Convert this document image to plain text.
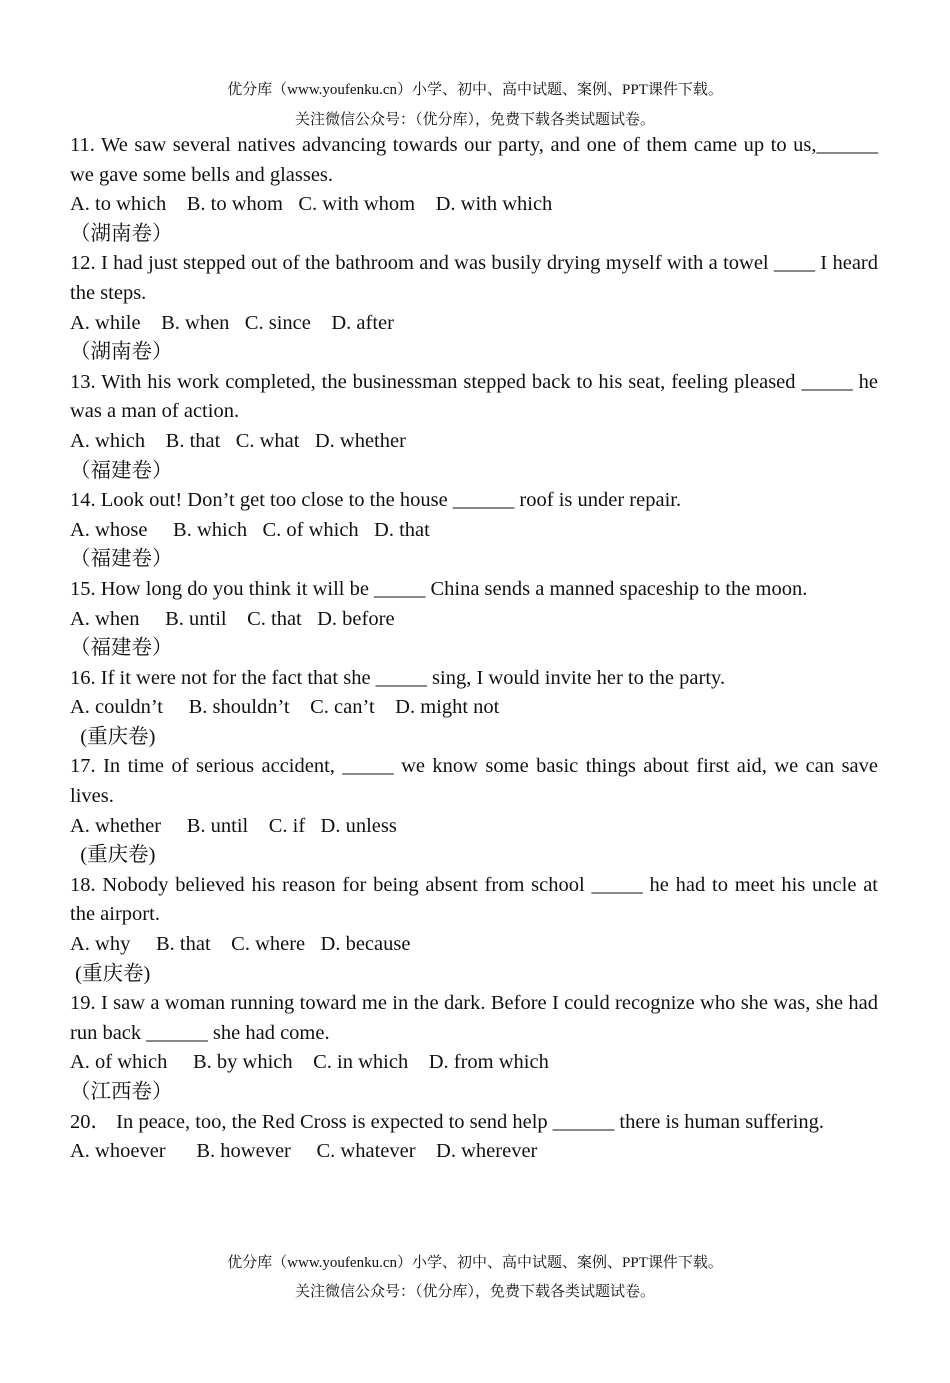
优分库（www.youfenku.cn）小学、初中、高中试题、案例、PPT课件下载。
关注微信公众号：（优分库），免费下载各类试题试卷。
11. We saw several natives advancing towards our party, and one of them came up to us,______ we gave some bells and glasses.
A. to which    B. to whom   C. with whom    D. with which
（湖南卷）
12. I had just stepped out of the bathroom and was busily drying myself with a towel ____ I heard the steps.
A. while    B. when   C. since    D. after
（湖南卷）
13. With his work completed, the businessman stepped back to his seat, feeling pleased _____ he was a man of action.
A. which    B. that   C. what   D. whether
（福建卷）
14. Look out! Don’t get too close to the house ______ roof is under repair.
A. whose     B. which   C. of which   D. that
（福建卷）
15. How long do you think it will be _____ China sends a manned spaceship to the moon.
A. when     B. until    C. that   D. before
（福建卷）
16. If it were not for the fact that she _____ sing, I would invite her to the party.
A. couldn’t     B. shouldn’t    C. can’t    D. might not
(重庆卷)
17. In time of serious accident, _____ we know some basic things about first aid, we can save lives.
A. whether     B. until    C. if   D. unless
(重庆卷)
18. Nobody believed his reason for being absent from school _____ he had to meet his uncle at the airport.
A. why     B. that    C. where   D. because
(重庆卷)
19. I saw a woman running toward me in the dark. Before I could recognize who she was, she had run back ______ she had come.
A. of which     B. by which    C. in which    D. from which
（江西卷）
20． In peace, too, the Red Cross is expected to send help ______ there is human suffering.
A. whoever      B. however     C. whatever    D. wherever
优分库（www.youfenku.cn）小学、初中、高中试题、案例、PPT课件下载。
关注微信公众号：（优分库），免费下载各类试题试卷。
